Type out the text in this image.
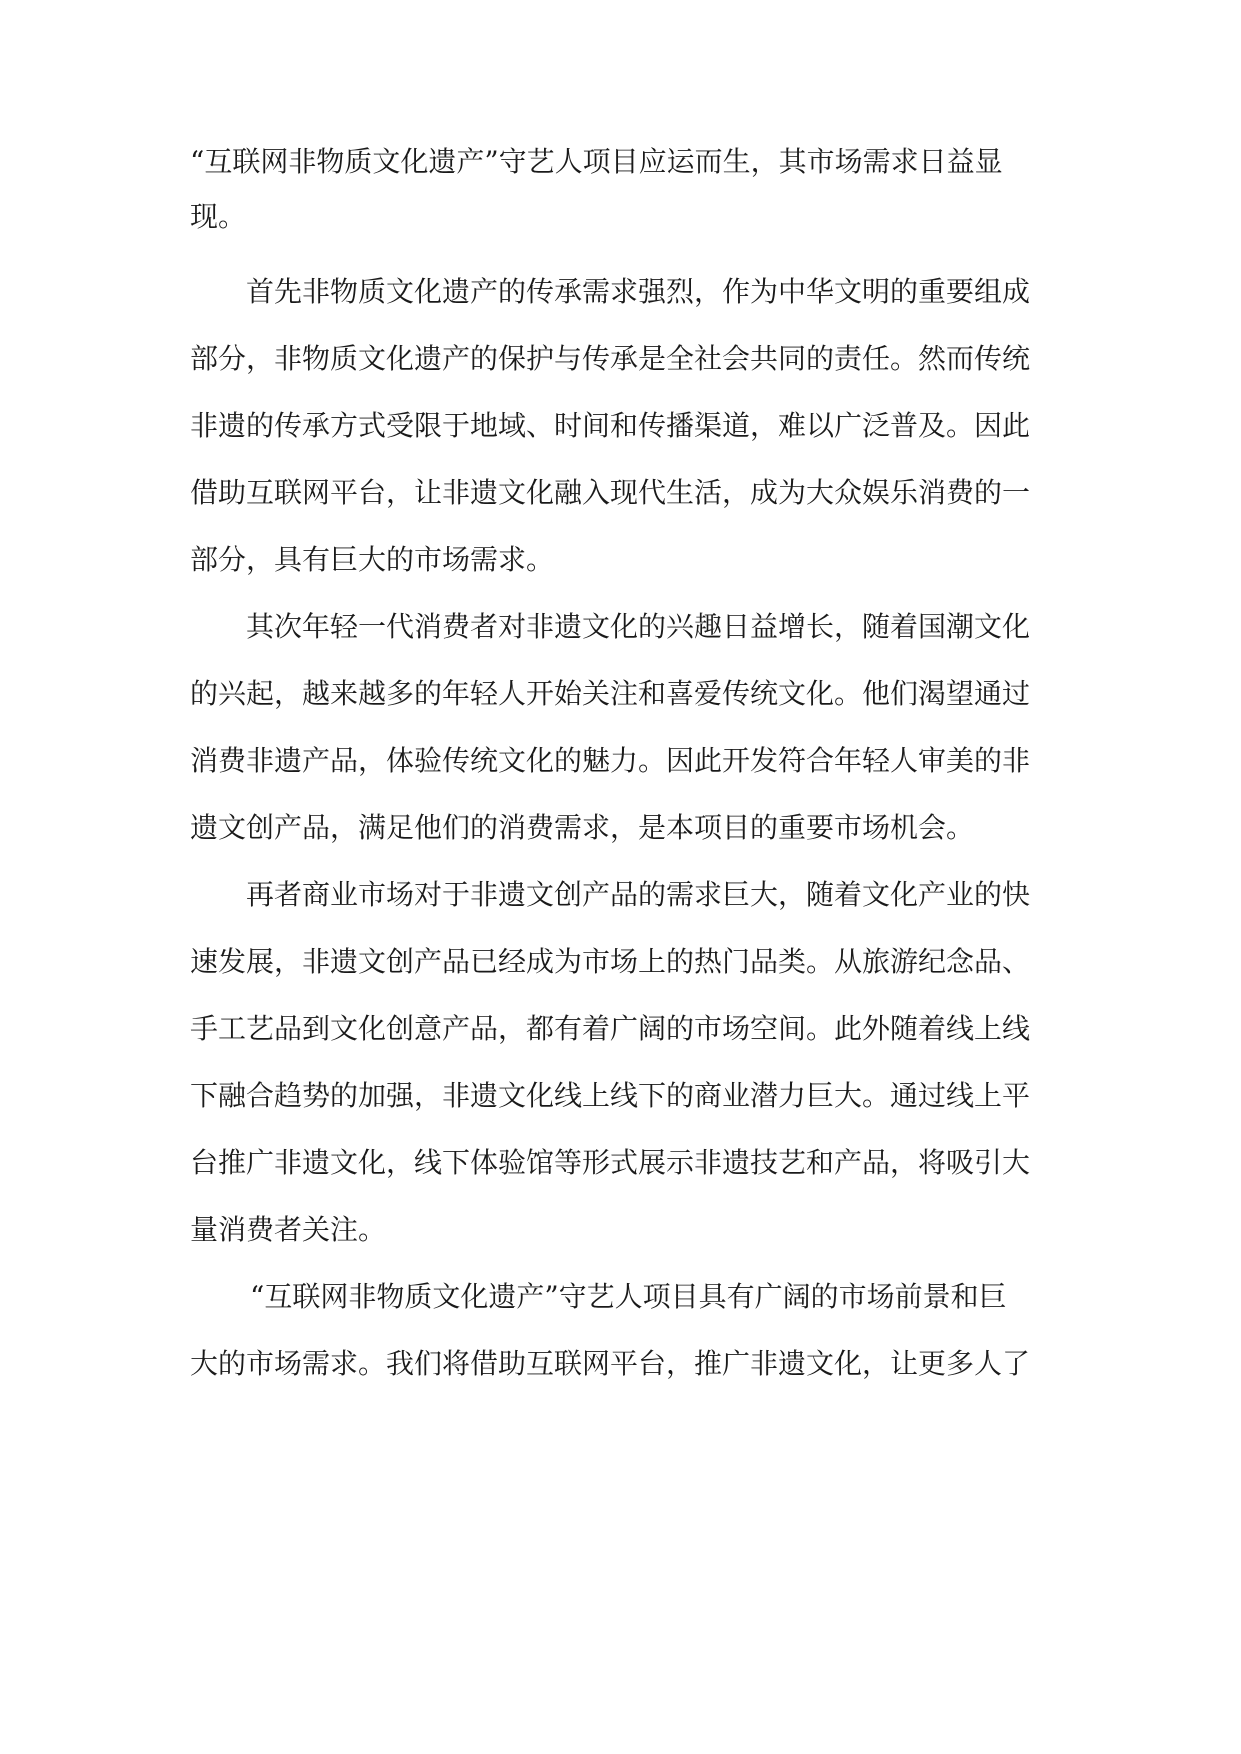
“互联网非物质文化遗产”守艺人项目应运而生，其市场需求日益显
现。
首先非物质文化遗产的传承需求强烈，作为中华文明的重要组成
部分，非物质文化遗产的保护与传承是全社会共同的责任。然而传统
非遗的传承方式受限于地域、时间和传播渠道，难以广泛普及。因此
借助互联网平台，让非遗文化融入现代生活，成为大众娱乐消费的一
部分，具有巨大的市场需求。
其次年轻一代消费者对非遗文化的兴趣日益增长，随着国潮文化
的兴起，越来越多的年轻人开始关注和喜爱传统文化。他们渴望通过
消费非遗产品，体验传统文化的魅力。因此开发符合年轻人审美的非
遗文创产品，满足他们的消费需求，是本项目的重要市场机会。
再者商业市场对于非遗文创产品的需求巨大，随着文化产业的快
速发展，非遗文创产品已经成为市场上的热门品类。从旅游纪念品、
手工艺品到文化创意产品，都有着广阔的市场空间。此外随着线上线
下融合趋势的加强，非遗文化线上线下的商业潜力巨大。通过线上平
台推广非遗文化，线下体验馆等形式展示非遗技艺和产品，将吸引大
量消费者关注。
“互联网非物质文化遗产”守艺人项目具有广阔的市场前景和巨
大的市场需求。我们将借助互联网平台，推广非遗文化，让更多人了
